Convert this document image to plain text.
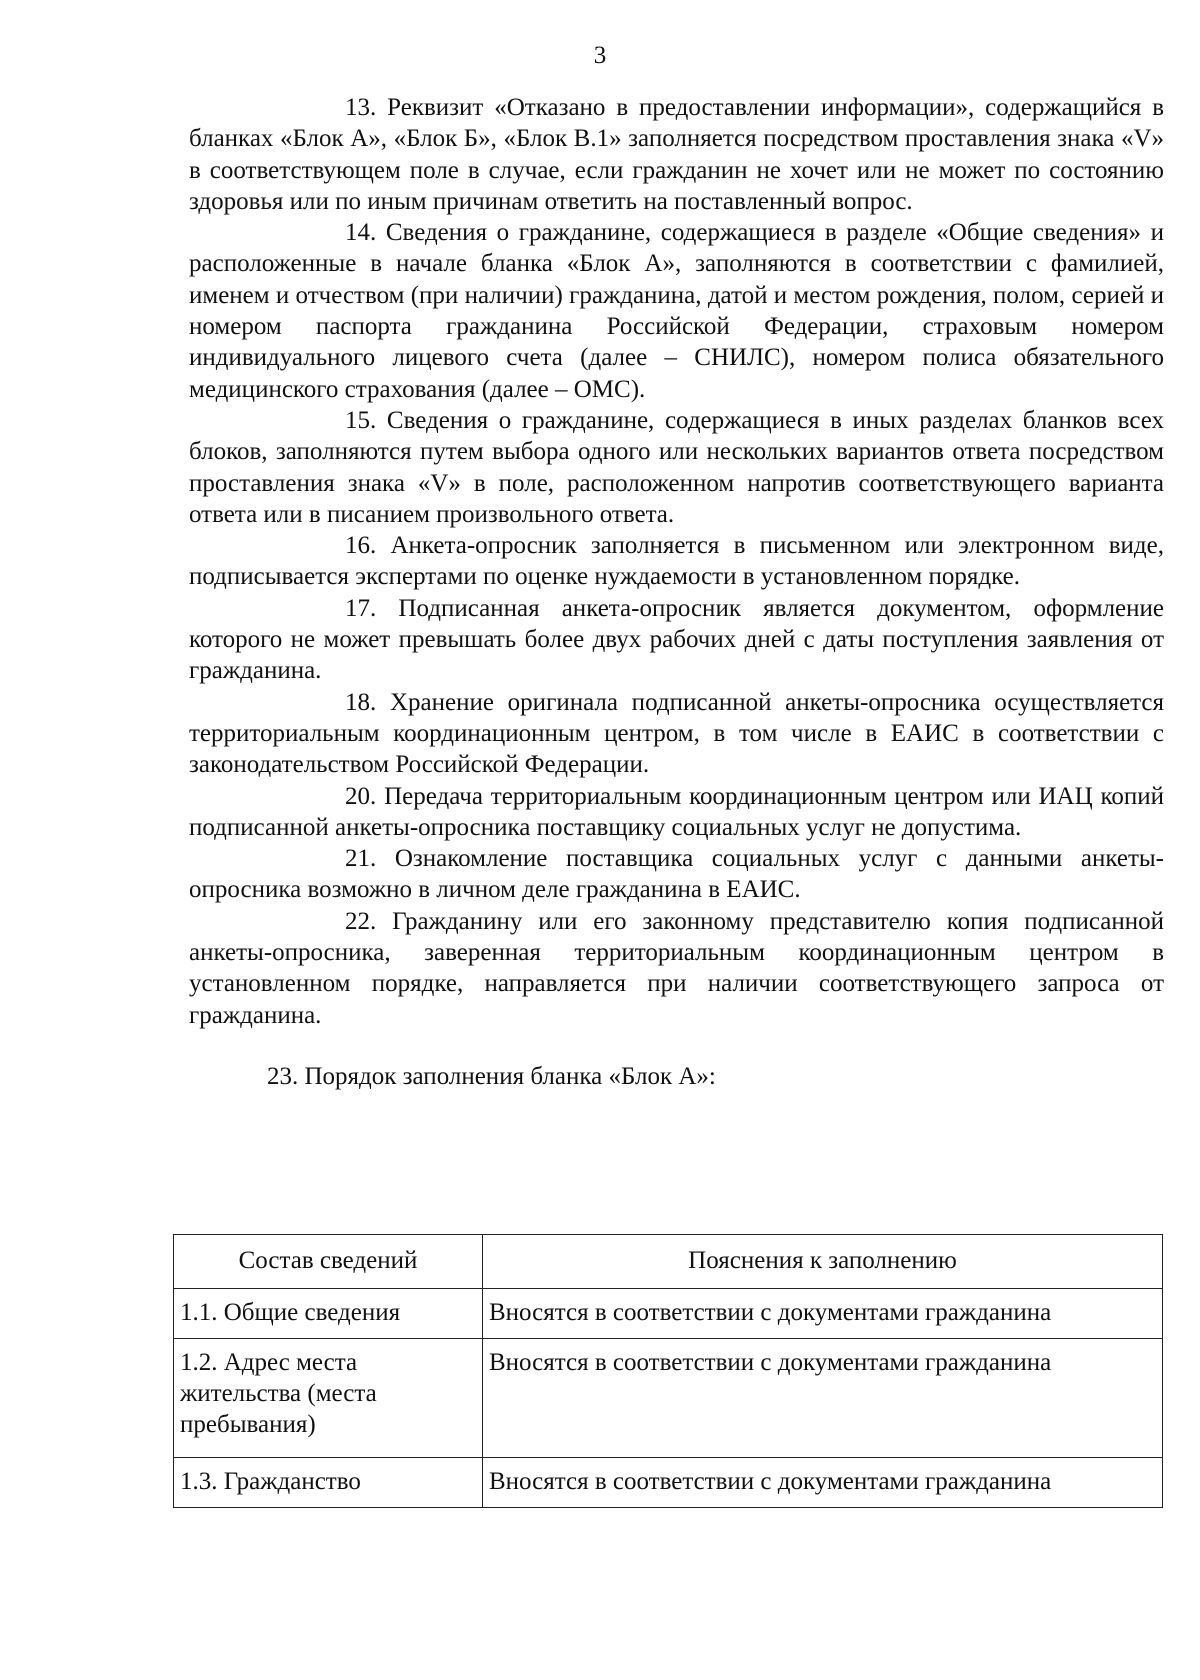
3

13. Реквизит «Отказано в предоставлении информации», содержащийся в бланках «Блок А», «Блок Б», «Блок В.1» заполняется посредством проставления знака «V» в соответствующем поле в случае, если гражданин не хочет или не может по состоянию здоровья или по иным причинам ответить на поставленный вопрос.

14. Сведения о гражданине, содержащиеся в разделе «Общие сведения» и расположенные в начале бланка «Блок А», заполняются в соответствии с фамилией, именем и отчеством (при наличии) гражданина, датой и местом рождения, полом, серией и номером паспорта гражданина Российской Федерации, страховым номером индивидуального лицевого счета (далее – СНИЛС), номером полиса обязательного медицинского страхования (далее – ОМС).

15. Сведения о гражданине, содержащиеся в иных разделах бланков всех блоков, заполняются путем выбора одного или нескольких вариантов ответа посредством проставления знака «V» в поле, расположенном напротив соответствующего варианта ответа или в писанием произвольного ответа.

16. Анкета-опросник заполняется в письменном или электронном виде, подписывается экспертами по оценке нуждаемости в установленном порядке.

17. Подписанная анкета-опросник является документом, оформление которого не может превышать более двух рабочих дней с даты поступления заявления от гражданина.

18. Хранение оригинала подписанной анкеты-опросника осуществляется территориальным координационным центром, в том числе в ЕАИС в соответствии с законодательством Российской Федерации.

20. Передача территориальным координационным центром или ИАЦ копий подписанной анкеты-опросника поставщику социальных услуг не допустима.

21. Ознакомление поставщика социальных услуг с данными анкеты-опросника возможно в личном деле гражданина в ЕАИС.

22. Гражданину или его законному представителю копия подписанной анкеты-опросника, заверенная территориальным координационным центром в установленном порядке, направляется при наличии соответствующего запроса от гражданина.

23. Порядок заполнения бланка «Блок А»:

Состав сведений	Пояснения к заполнению
1.1. Общие сведения	Вносятся в соответствии с документами гражданина
1.2. Адрес места жительства (места пребывания)	Вносятся в соответствии с документами гражданина
1.3. Гражданство	Вносятся в соответствии с документами гражданина
